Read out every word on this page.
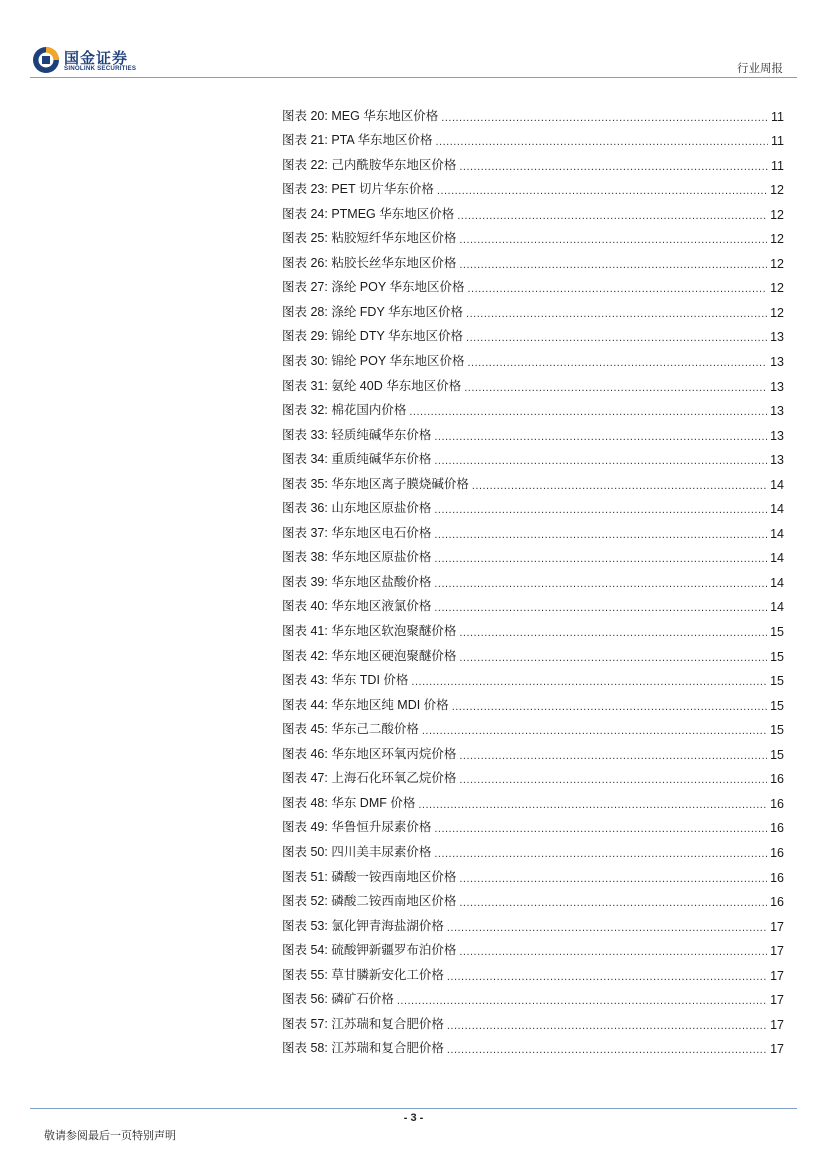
国金证券
SINOLINK SECURITIES	行业周报
图表 20: MEG 华东地区价格 .....	11
图表 21: PTA 华东地区价格 .....	11
图表 22: 己内酰胺华东地区价格 .....	11
图表 23: PET 切片华东价格 .....	12
图表 24: PTMEG 华东地区价格 .....	12
图表 25: 粘胶短纤华东地区价格 .....	12
图表 26: 粘胶长丝华东地区价格 .....	12
图表 27: 涤纶 POY 华东地区价格 .....	12
图表 28: 涤纶 FDY 华东地区价格 .....	12
图表 29: 锦纶 DTY 华东地区价格 .....	13
图表 30: 锦纶 POY 华东地区价格 .....	13
图表 31: 氨纶 40D 华东地区价格 .....	13
图表 32: 棉花国内价格 .....	13
图表 33: 轻质纯碱华东价格 .....	13
图表 34: 重质纯碱华东价格 .....	13
图表 35: 华东地区离子膜烧碱价格 .....	14
图表 36: 山东地区原盐价格 .....	14
图表 37: 华东地区电石价格 .....	14
图表 38: 华东地区原盐价格 .....	14
图表 39: 华东地区盐酸价格 .....	14
图表 40: 华东地区液氯价格 .....	14
图表 41: 华东地区软泡聚醚价格 .....	15
图表 42: 华东地区硬泡聚醚价格 .....	15
图表 43: 华东 TDI 价格 .....	15
图表 44: 华东地区纯 MDI 价格 .....	15
图表 45: 华东己二酸价格 .....	15
图表 46: 华东地区环氧丙烷价格 .....	15
图表 47: 上海石化环氧乙烷价格 .....	16
图表 48: 华东 DMF 价格 .....	16
图表 49: 华鲁恒升尿素价格 .....	16
图表 50: 四川美丰尿素价格 .....	16
图表 51: 磷酸一铵西南地区价格 .....	16
图表 52: 磷酸二铵西南地区价格 .....	16
图表 53: 氯化钾青海盐湖价格 .....	17
图表 54: 硫酸钾新疆罗布泊价格 .....	17
图表 55: 草甘膦新安化工价格 .....	17
图表 56: 磷矿石价格 .....	17
图表 57: 江苏瑞和复合肥价格 .....	17
图表 58: 江苏瑞和复合肥价格 .....	17
- 3 -
敬请参阅最后一页特别声明
